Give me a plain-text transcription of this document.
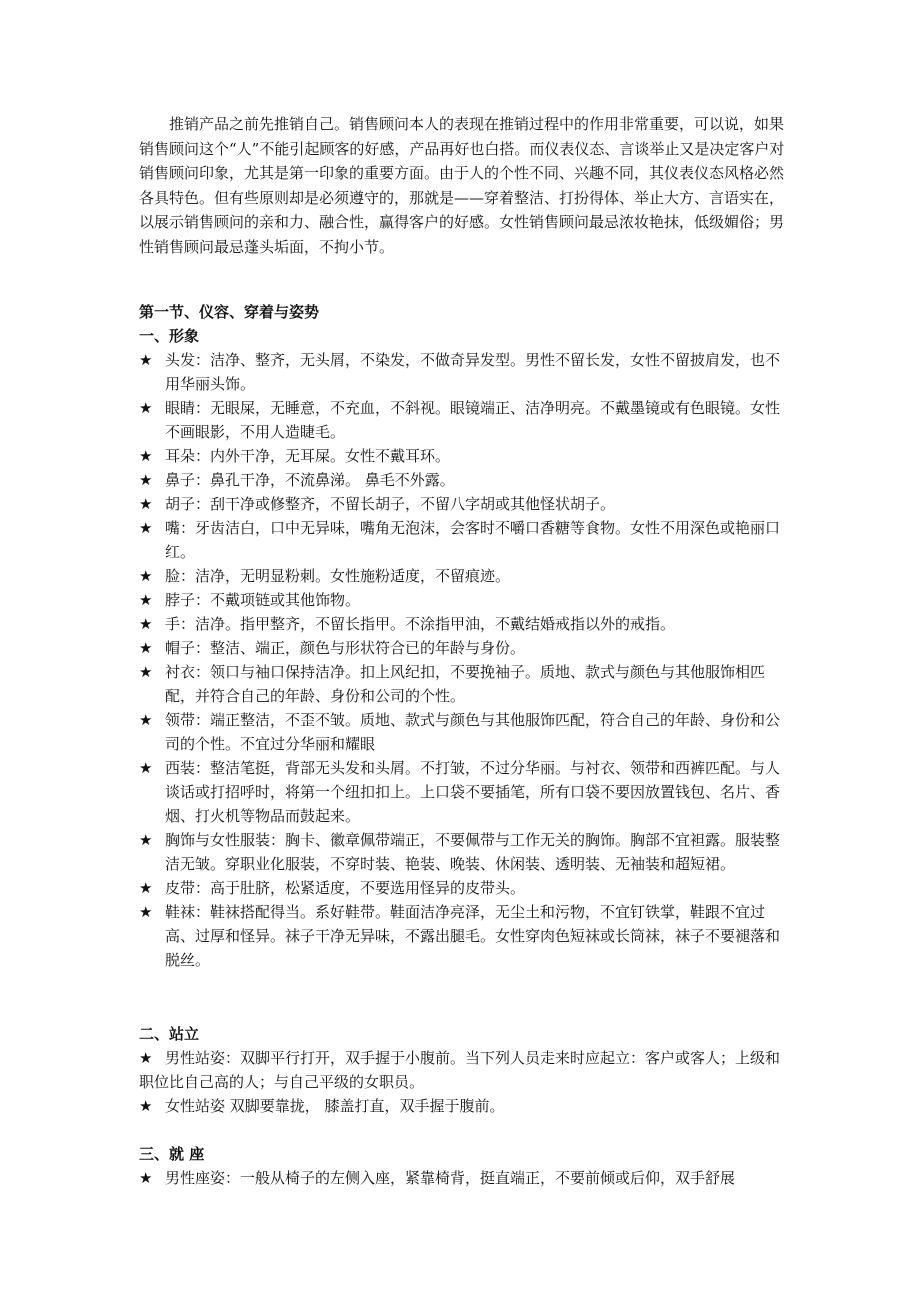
推销产品之前先推销自己。销售顾问本人的表现在推销过程中的作用非常重要，可以说，如果销售顾问这个“人”不能引起顾客的好感，产品再好也白搭。而仪表仪态、言谈举止又是决定客户对销售顾问印象，尤其是第一印象的重要方面。由于人的个性不同、兴趣不同，其仪表仪态风格必然各具特色。但有些原则却是必须遵守的，那就是——穿着整洁、打扮得体、举止大方、言语实在，以展示销售顾问的亲和力、融合性，赢得客户的好感。女性销售顾问最忌浓妆艳抹，低级媚俗；男性销售顾问最忌蓬头垢面，不拘小节。

第一节、仪容、穿着与姿势
一、形象
★ 头发：洁净、整齐，无头屑，不染发，不做奇异发型。男性不留长发，女性不留披肩发，也不用华丽头饰。
★ 眼睛：无眼屎，无睡意，不充血，不斜视。眼镜端正、洁净明亮。不戴墨镜或有色眼镜。女性不画眼影，不用人造睫毛。
★ 耳朵：内外干净，无耳屎。女性不戴耳环。
★ 鼻子：鼻孔干净，不流鼻涕。 鼻毛不外露。
★ 胡子：刮干净或修整齐，不留长胡子，不留八字胡或其他怪状胡子。
★ 嘴：牙齿洁白，口中无异味，嘴角无泡沫，会客时不嚼口香糖等食物。女性不用深色或艳丽口红。
★ 脸：洁净，无明显粉刺。女性施粉适度，不留痕迹。
★ 脖子：不戴项链或其他饰物。
★ 手：洁净。指甲整齐，不留长指甲。不涂指甲油，不戴结婚戒指以外的戒指。
★ 帽子：整洁、端正，颜色与形状符合已的年龄与身份。
★ 衬衣：领口与袖口保持洁净。扣上风纪扣，不要挽袖子。质地、款式与颜色与其他服饰相匹配，并符合自己的年龄、身份和公司的个性。
★ 领带：端正整洁，不歪不皱。质地、款式与颜色与其他服饰匹配，符合自己的年龄、身份和公司的个性。不宜过分华丽和耀眼
★ 西装：整洁笔挺，背部无头发和头屑。不打皱，不过分华丽。与衬衣、领带和西裤匹配。与人谈话或打招呼时，将第一个纽扣扣上。上口袋不要插笔，所有口袋不要因放置钱包、名片、香烟、打火机等物品而鼓起来。
★ 胸饰与女性服装：胸卡、徽章佩带端正，不要佩带与工作无关的胸饰。胸部不宜袒露。服装整洁无皱。穿职业化服装，不穿时装、艳装、晚装、休闲装、透明装、无袖装和超短裙。
★ 皮带：高于肚脐，松紧适度，不要选用怪异的皮带头。
★ 鞋袜：鞋袜搭配得当。系好鞋带。鞋面洁净亮泽，无尘土和污物，不宜钉铁掌，鞋跟不宜过高、过厚和怪异。袜子干净无异味，不露出腿毛。女性穿肉色短袜或长筒袜，袜子不要褪落和脱丝。
二、站立
★ 男性站姿：双脚平行打开，双手握于小腹前。当下列人员走来时应起立：客户或客人；上级和职位比自己高的人；与自己平级的女职员。
★ 女性站姿 双脚要靠拢， 膝盖打直，双手握于腹前。
三、就 座
★ 男性座姿：一般从椅子的左侧入座，紧靠椅背，挺直端正，不要前倾或后仰，双手舒展
